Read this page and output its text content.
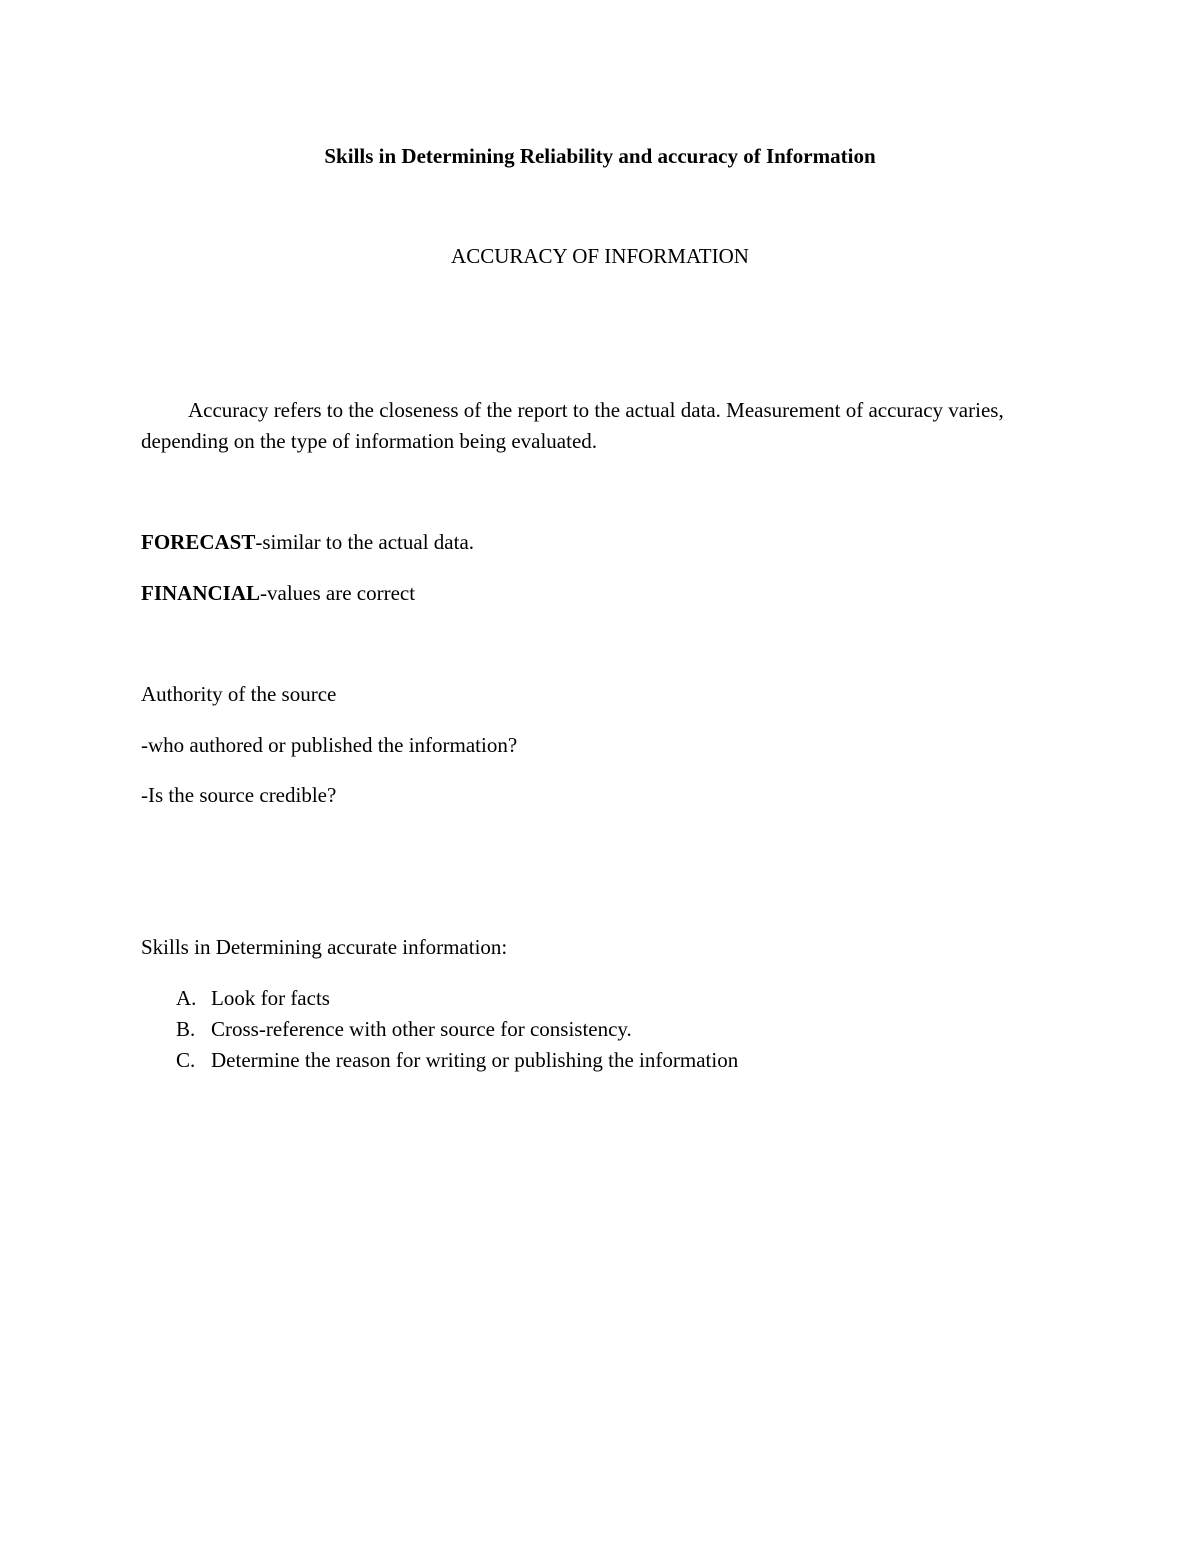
Skills in Determining Reliability and accuracy of Information
ACCURACY OF INFORMATION
Accuracy refers to the closeness of the report to the actual data. Measurement of accuracy varies, depending on the type of information being evaluated.
FORECAST-similar to the actual data.
FINANCIAL-values are correct
Authority of the source
-who authored or published the information?
-Is the source credible?
Skills in Determining accurate information:
A. Look for facts
B. Cross-reference with other source for consistency.
C. Determine the reason for writing or publishing the information
